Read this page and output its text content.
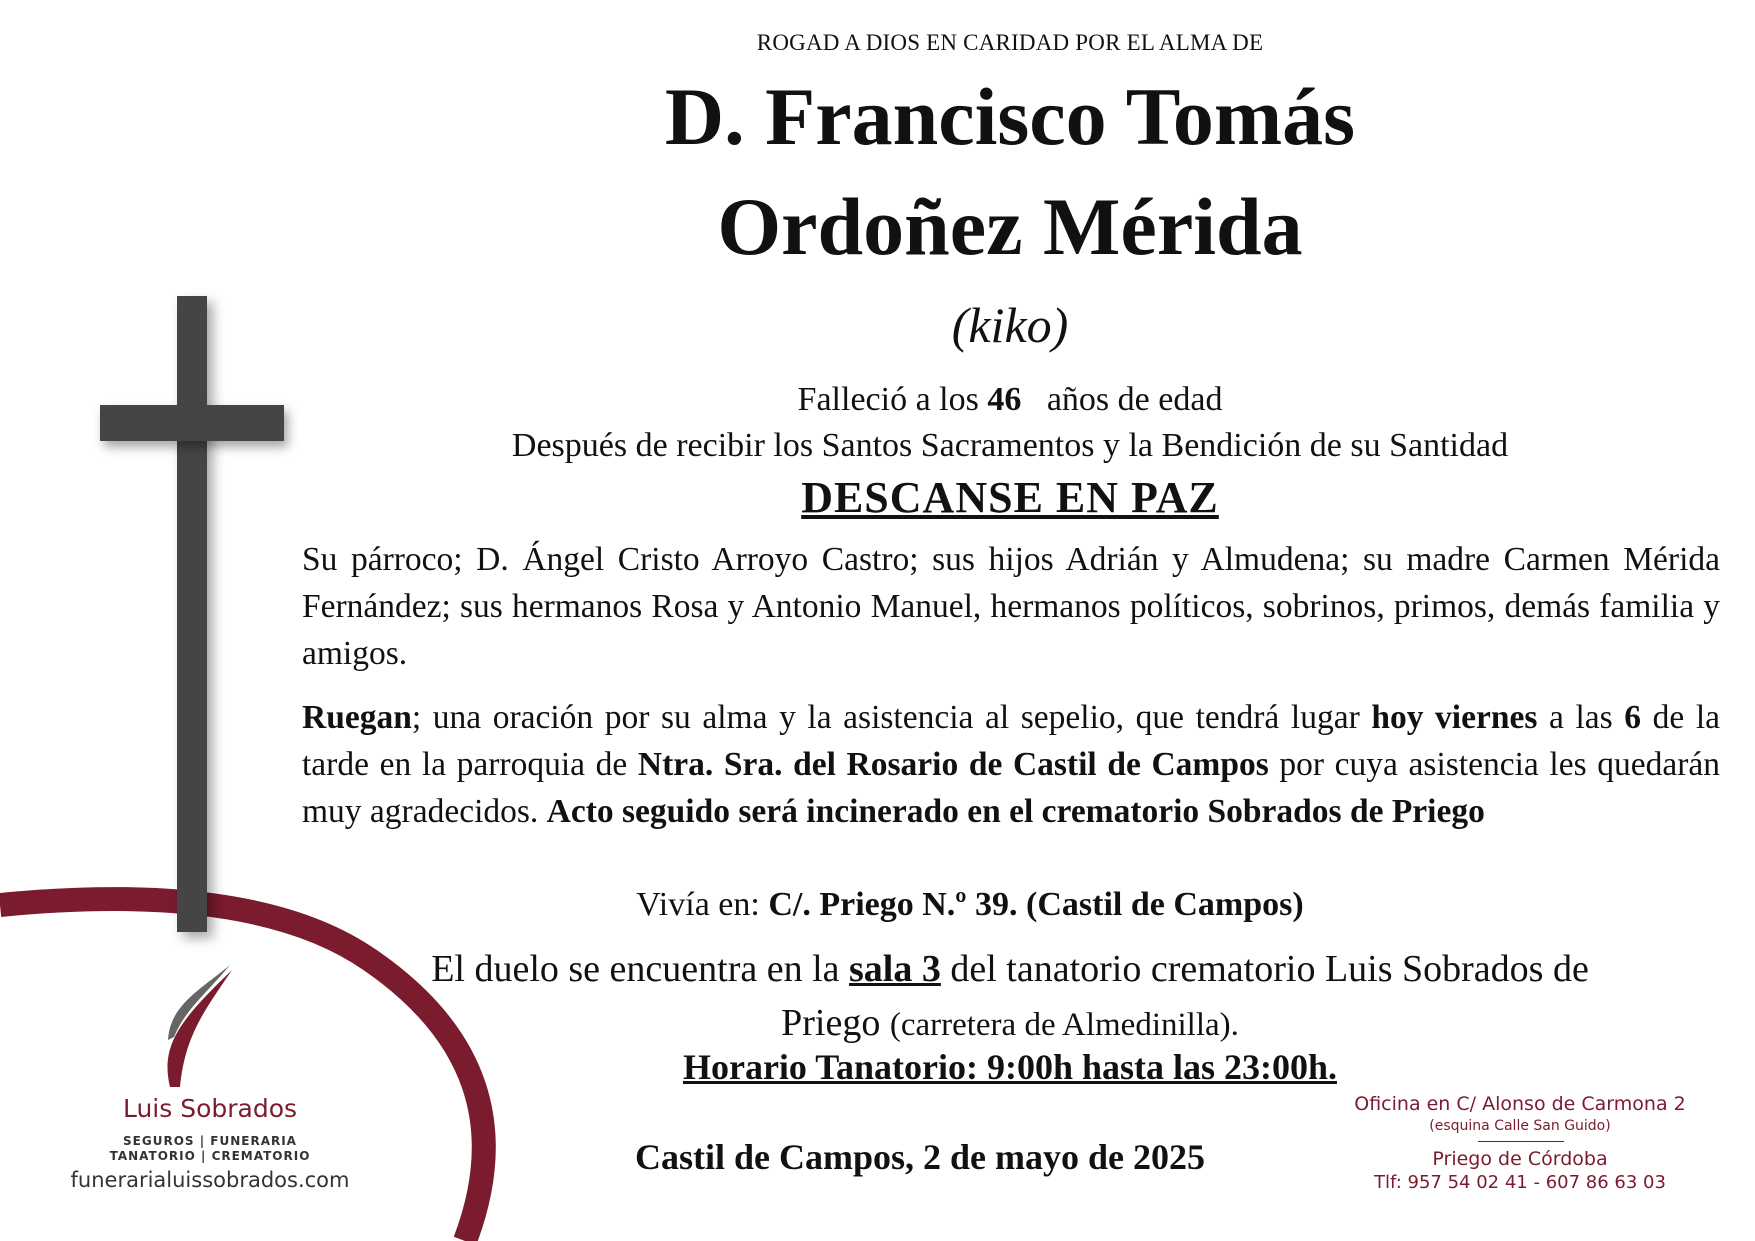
ROGAD A DIOS EN CARIDAD POR EL ALMA DE
D. Francisco Tomás
Ordoñez Mérida
(kiko)
Falleció a los 46 años de edad
Después de recibir los Santos Sacramentos y la Bendición de su Santidad
DESCANSE EN PAZ
Su párroco; D. Ángel Cristo Arroyo Castro; sus hijos Adrián y Almudena; su madre Carmen Mérida Fernández; sus hermanos Rosa y Antonio Manuel, hermanos políticos, sobrinos, primos, demás familia y amigos.
Ruegan; una oración por su alma y la asistencia al sepelio, que tendrá lugar hoy viernes a las 6 de la tarde en la parroquia de Ntra. Sra. del Rosario de Castil de Campos por cuya asistencia les quedarán muy agradecidos. Acto seguido será incinerado en el crematorio Sobrados de Priego
Vivía en: C/. Priego N.º 39. (Castil de Campos)
El duelo se encuentra en la sala 3 del tanatorio crematorio Luis Sobrados de Priego (carretera de Almedinilla).
Horario Tanatorio: 9:00h hasta las 23:00h.
Castil de Campos, 2 de mayo de 2025
Luis Sobrados
SEGUROS | FUNERARIA
TANATORIO | CREMATORIO
funerarialuissobrados.com
Oficina en C/ Alonso de Carmona 2
(esquina Calle San Guido)
Priego de Córdoba
Tlf: 957 54 02 41 - 607 86 63 03
